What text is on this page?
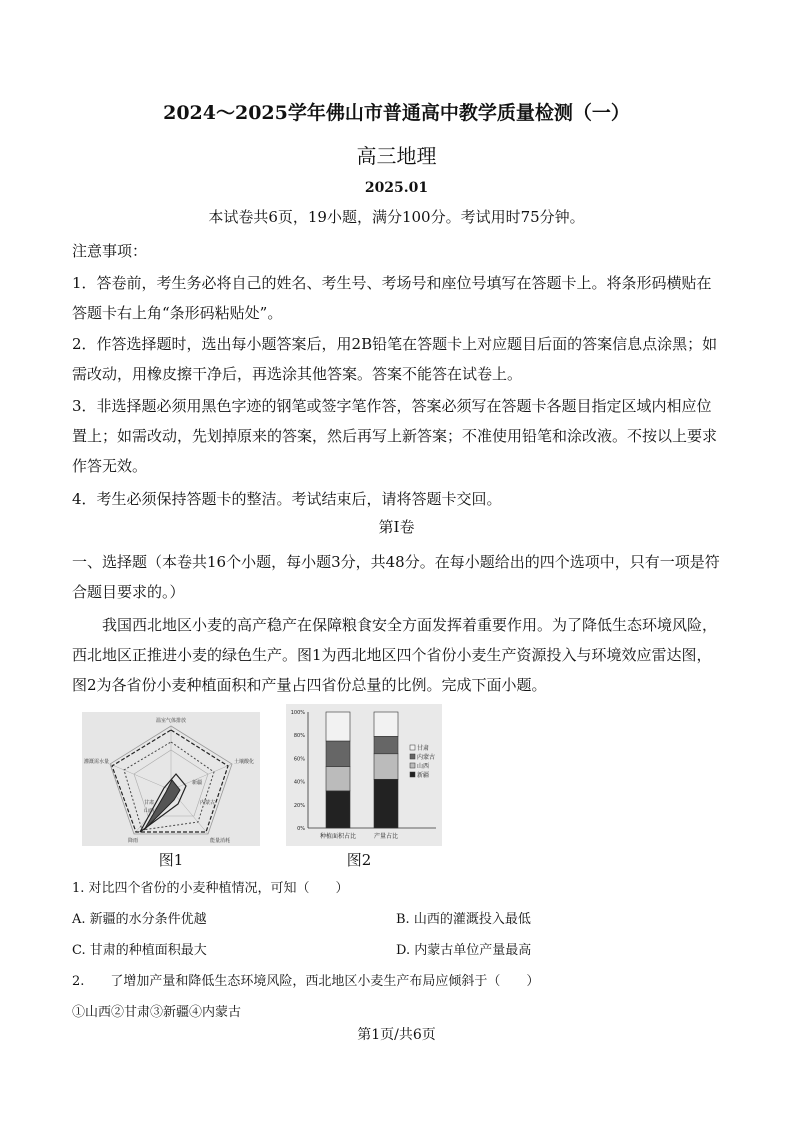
2024～2025学年佛山市普通高中教学质量检测（一）
高三地理
2025.01
本试卷共6页，19小题，满分100分。考试用时75分钟。
注意事项：
1．答卷前，考生务必将自己的姓名、考生号、考场号和座位号填写在答题卡上。将条形码横贴在答题卡右上角“条形码粘贴处”。
2．作答选择题时，选出每小题答案后，用2B铅笔在答题卡上对应题目后面的答案信息点涂黑；如需改动，用橡皮擦干净后，再选涂其他答案。答案不能答在试卷上。
3．非选择题必须用黑色字迹的钢笔或签字笔作答，答案必须写在答题卡各题目指定区域内相应位置上；如需改动，先划掉原来的答案，然后再写上新答案；不准使用铅笔和涂改液。不按以上要求作答无效。
4．考生必须保持答题卡的整洁。考试结束后，请将答题卡交回。
第Ⅰ卷
一、选择题（本卷共16个小题，每小题3分，共48分。在每小题给出的四个选项中，只有一项是符合题目要求的。）
我国西北地区小麦的高产稳产在保障粮食安全方面发挥着重要作用。为了降低生态环境风险，西北地区正推进小麦的绿色生产。图1为西北地区四个省份小麦生产资源投入与环境效应雷达图，图2为各省份小麦种植面积和产量占四省份总量的比例。完成下面小题。
温室气体排放
土壤酸化
能量消耗
降雨
灌溉需水量
新疆
内蒙古
甘肃
山西
图1
100%
80%
60%
40%
20%
0%
种植面积占比	产量占比
甘肃
内蒙古
山西
新疆
图2
1. 对比四个省份的小麦种植情况，可知（　　）
A. 新疆的水分条件优越	B. 山西的灌溉投入最低
C. 甘肃的种植面积最大	D. 内蒙古单位产量最高
2.　　了增加产量和降低生态环境风险，西北地区小麦生产布局应倾斜于（　　）
①山西②甘肃③新疆④内蒙古
第1页/共6页
